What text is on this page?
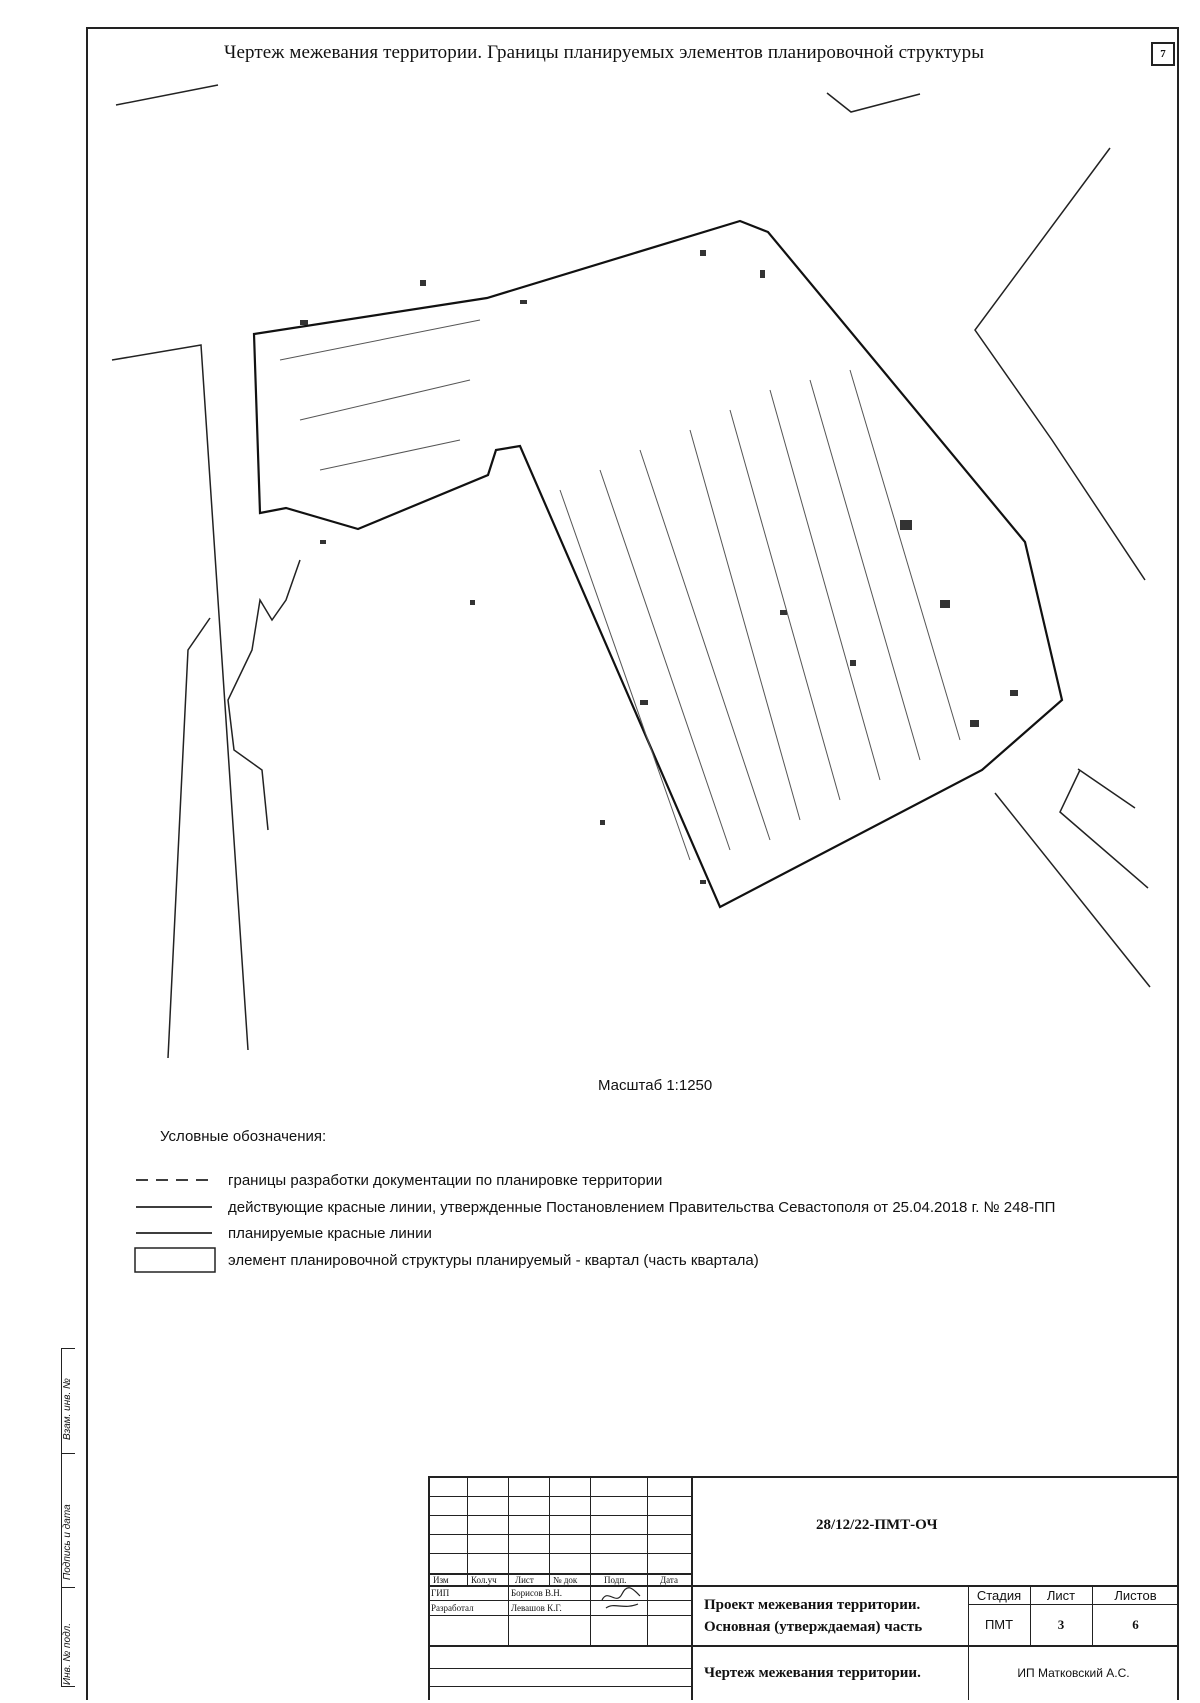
Чертеж межевания территории. Границы планируемых элементов планировочной структуры	7
Масштаб 1:1250
Условные обозначения:
границы разработки документации по планировке территории
действующие красные линии, утвержденные Постановлением Правительства Севастополя от 25.04.2018 г. № 248-ПП
планируемые красные линии
элемент планировочной структуры планируемый - квартал (часть квартала)
Взам. инв. №
Подпись и дата
Инв. № подл.
Изм Кол.уч Лист № док	Подп.	Дата
ГИП	Борисов В.Н.
Разработал	Левашов К.Г.
28/12/22-ПМТ-ОЧ
Проект межевания территории.
Основная (утверждаемая) часть
Чертеж межевания территории.
Стадия	Лист	Листов
ПМТ	3	6
ИП Матковский А.С.
